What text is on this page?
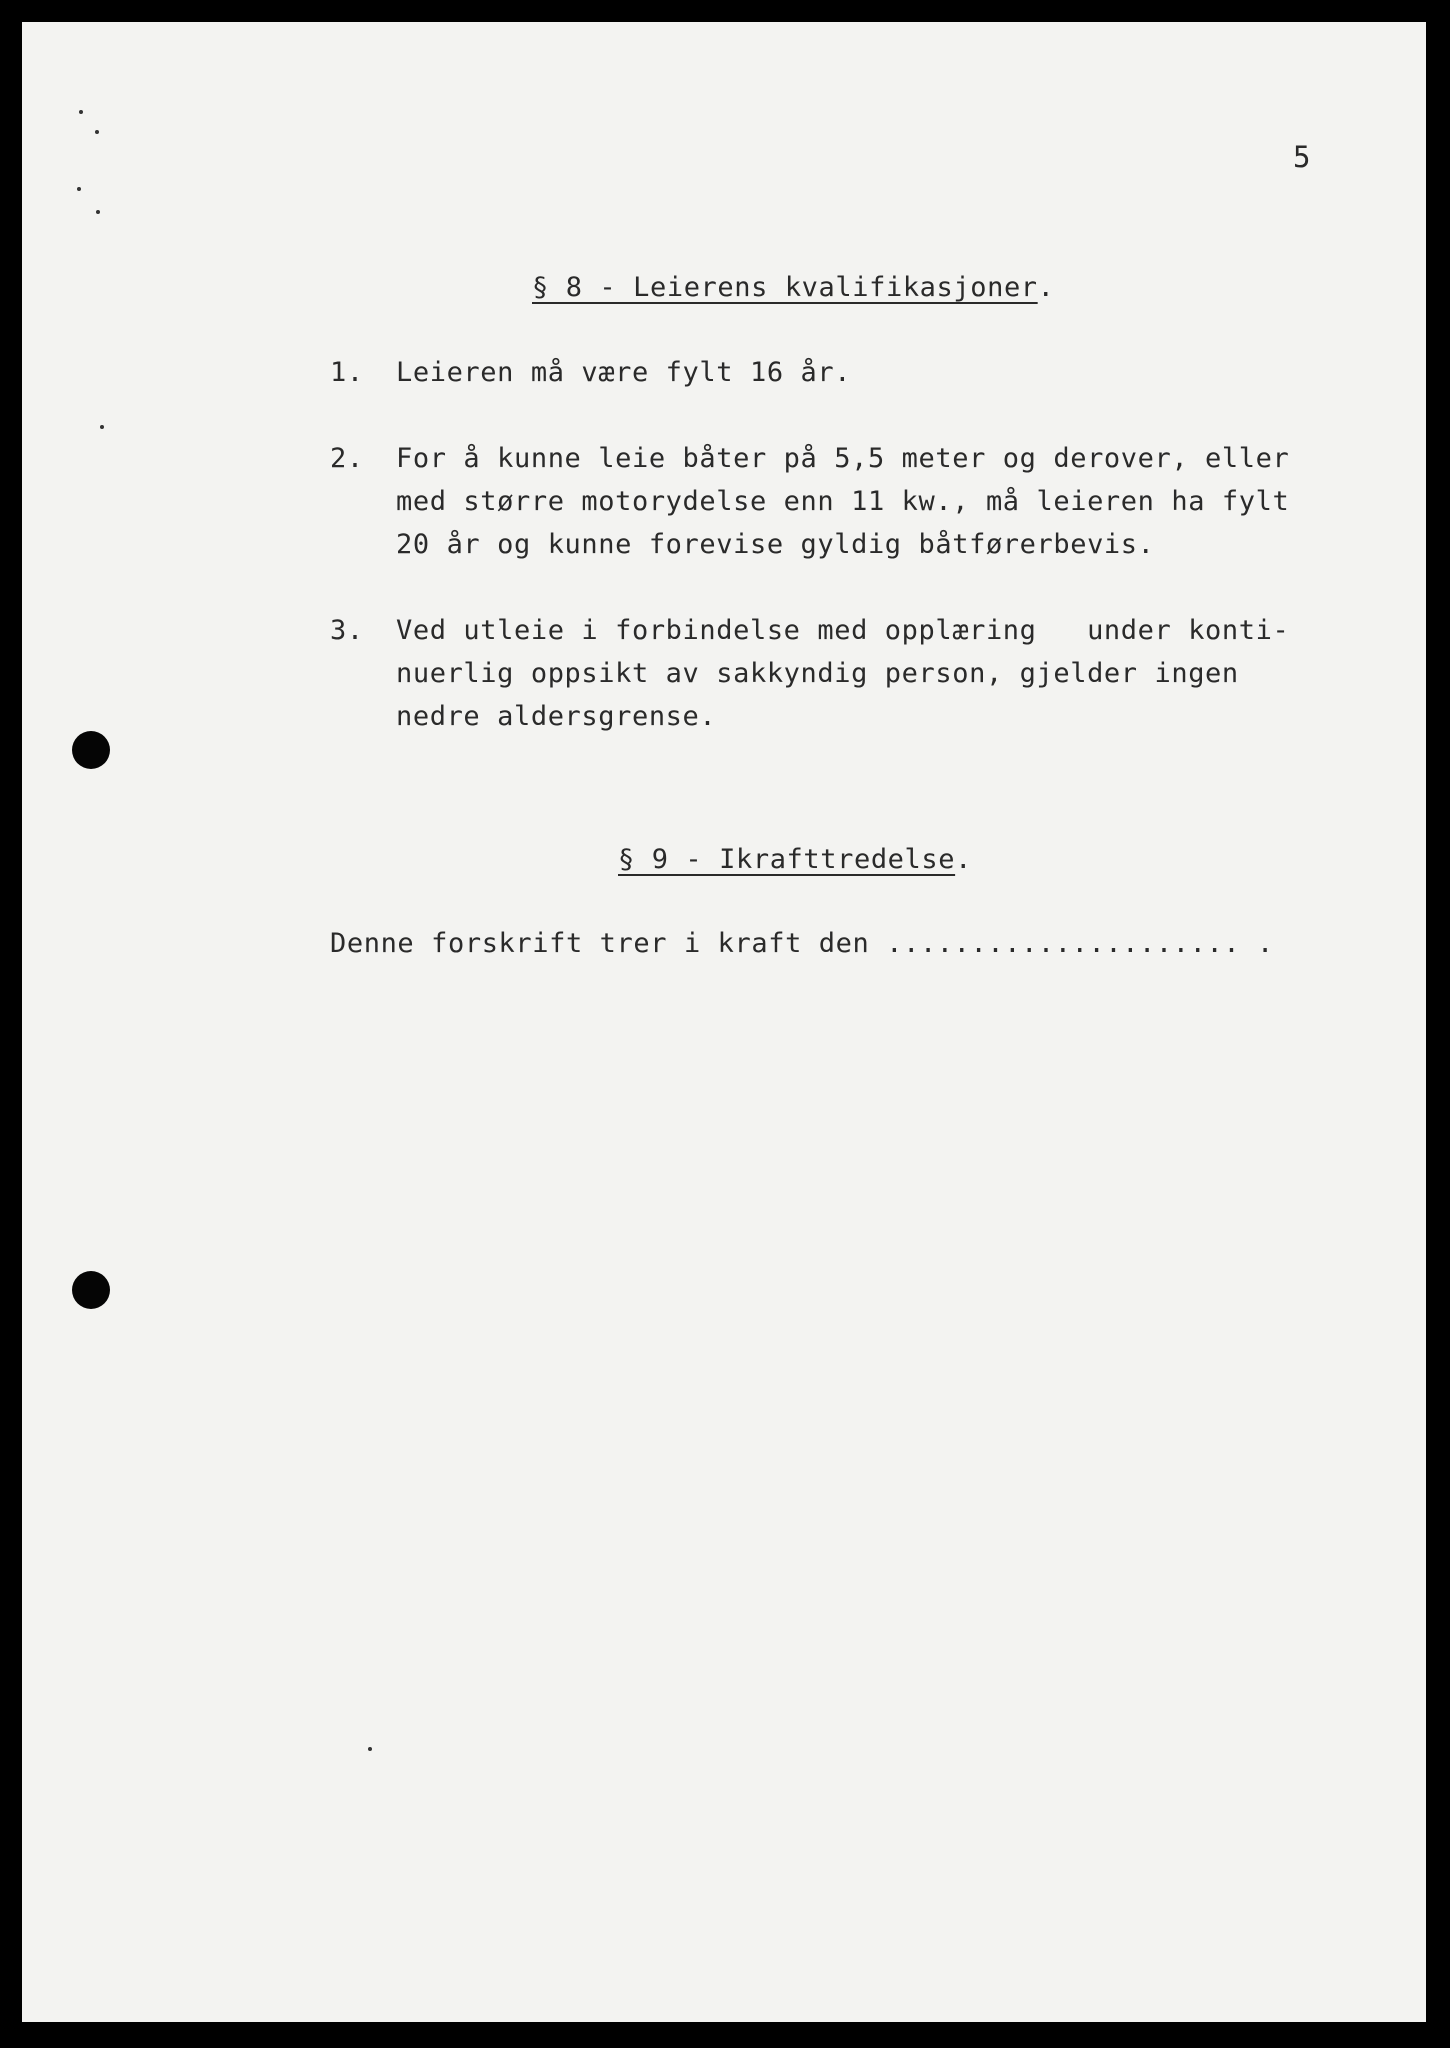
5
§ 8 - Leierens kvalifikasjoner.
1. Leieren må være fylt 16 år.
2. For å kunne leie båter på 5,5 meter og derover, eller
med større motorydelse enn 11 kw., må leieren ha fylt
20 år og kunne forevise gyldig båtførerbevis.
3. Ved utleie i forbindelse med opplæring   under konti-
nuerlig oppsikt av sakkyndig person, gjelder ingen
nedre aldersgrense.
§ 9 - Ikrafttredelse.
Denne forskrift trer i kraft den ..................... .
